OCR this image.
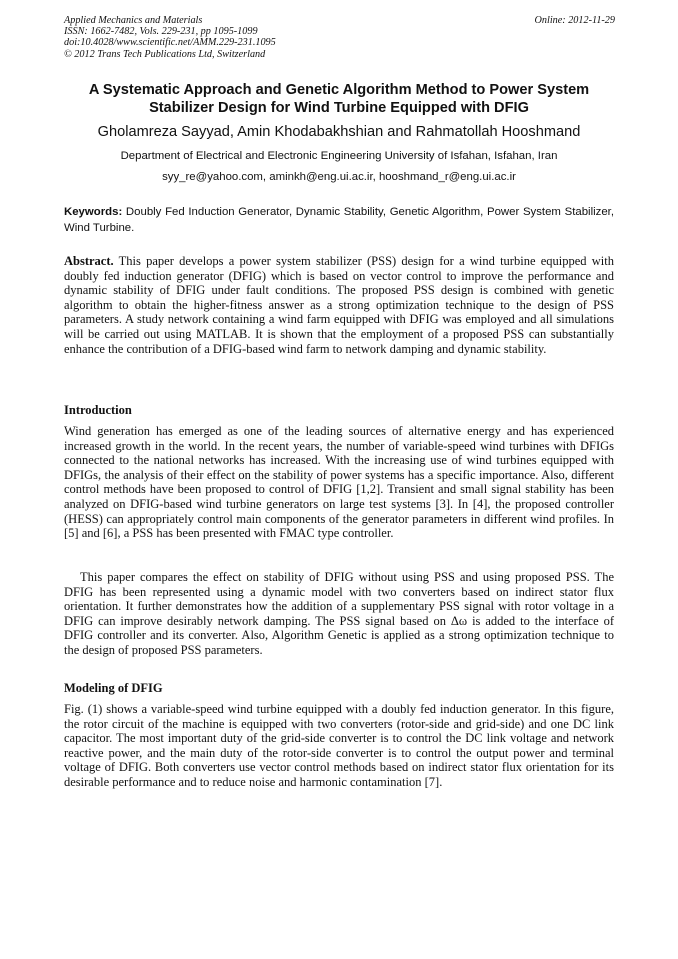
Applied Mechanics and Materials
ISSN: 1662-7482, Vols. 229-231, pp 1095-1099
doi:10.4028/www.scientific.net/AMM.229-231.1095
© 2012 Trans Tech Publications Ltd, Switzerland
Online: 2012-11-29
A Systematic Approach and Genetic Algorithm Method to Power System Stabilizer Design for Wind Turbine Equipped with DFIG
Gholamreza Sayyad, Amin Khodabakhshian and Rahmatollah Hooshmand
Department of Electrical and Electronic Engineering University of Isfahan, Isfahan, Iran
syy_re@yahoo.com, aminkh@eng.ui.ac.ir, hooshmand_r@eng.ui.ac.ir
Keywords: Doubly Fed Induction Generator, Dynamic Stability, Genetic Algorithm, Power System Stabilizer, Wind Turbine.
Abstract. This paper develops a power system stabilizer (PSS) design for a wind turbine equipped with doubly fed induction generator (DFIG) which is based on vector control to improve the performance and dynamic stability of DFIG under fault conditions. The proposed PSS design is combined with genetic algorithm to obtain the higher-fitness answer as a strong optimization technique to the design of PSS parameters. A study network containing a wind farm equipped with DFIG was employed and all simulations will be carried out using MATLAB. It is shown that the employment of a proposed PSS can substantially enhance the contribution of a DFIG-based wind farm to network damping and dynamic stability.
Introduction

Wind generation has emerged as one of the leading sources of alternative energy and has experienced increased growth in the world. In the recent years, the number of variable-speed wind turbines with DFIGs connected to the national networks has increased. With the increasing use of wind turbines equipped with DFIGs, the analysis of their effect on the stability of power systems has a specific importance. Also, different control methods have been proposed to control of DFIG [1,2]. Transient and small signal stability has been analyzed on DFIG-based wind turbine generators on large test systems [3]. In [4], the proposed controller (HESS) can appropriately control main components of the generator parameters in different wind profiles. In [5] and [6], a PSS has been presented with FMAC type controller.

This paper compares the effect on stability of DFIG without using PSS and using proposed PSS. The DFIG has been represented using a dynamic model with two converters based on indirect stator flux orientation. It further demonstrates how the addition of a supplementary PSS signal with rotor voltage in a DFIG can improve desirably network damping. The PSS signal based on Δω is added to the interface of DFIG controller and its converter. Also, Algorithm Genetic is applied as a strong optimization technique to the design of proposed PSS parameters.

Modeling of DFIG

Fig. (1) shows a variable-speed wind turbine equipped with a doubly fed induction generator. In this figure, the rotor circuit of the machine is equipped with two converters (rotor-side and grid-side) and one DC link capacitor. The most important duty of the grid-side converter is to control the DC link voltage and network reactive power, and the main duty of the rotor-side converter is to control the output power and terminal voltage of DFIG. Both converters use vector control methods based on indirect stator flux orientation for its desirable performance and to reduce noise and harmonic contamination [7].
